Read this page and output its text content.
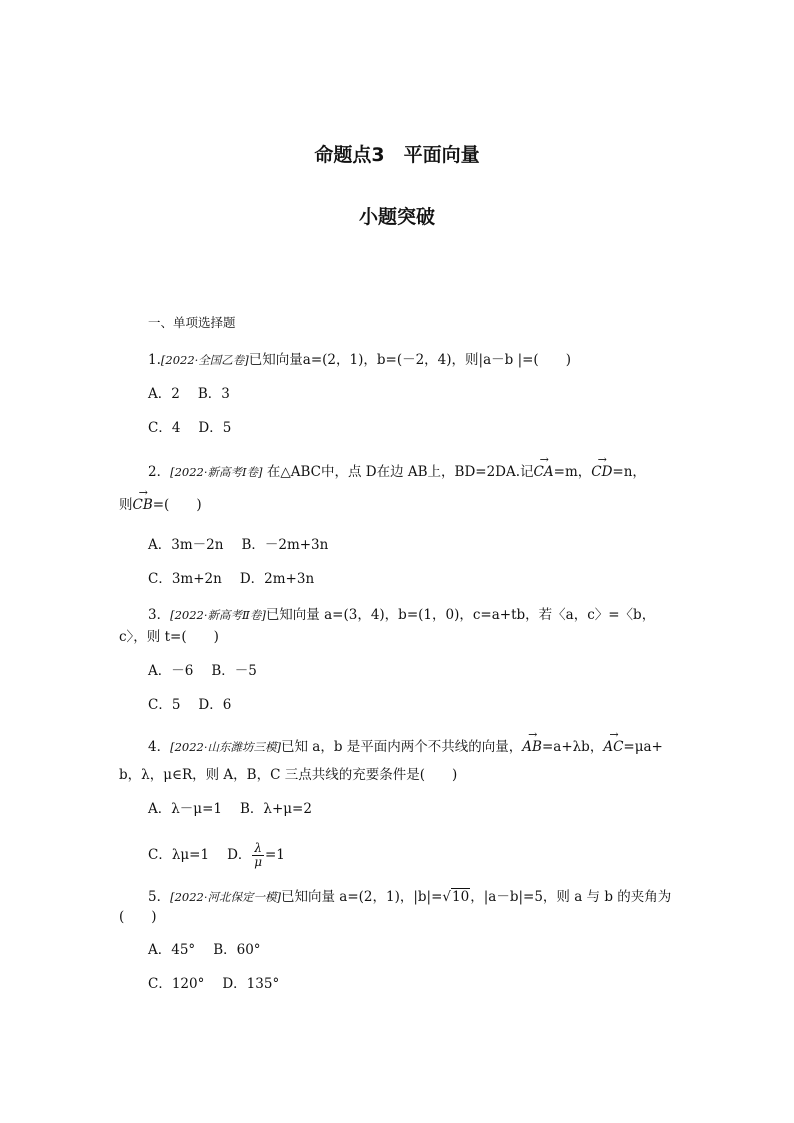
命题点3　平面向量
小题突破
一、单项选择题
1.[2022·全国乙卷]已知向量a=(2，1)，b=(－2，4)，则|a－b |=(　　)
A．2 B．3
C．4 D．5
2．[2022·新高考Ⅰ卷] 在△ABC中，点 D在边 AB上，BD=2DA.记→ CA=m，→ CD=n，
则→ CB=(　　)
A．3m－2n B．－2m+3n
C．3m+2n D．2m+3n
3．[2022·新高考Ⅱ卷]已知向量 a=(3，4)，b=(1，0)，c=a+tb，若〈a，c〉=〈b，
c〉，则 t=(　　)
A．－6 B．－5
C．5 D．6
4．[2022·山东潍坊三模]已知 a，b 是平面内两个不共线的向量，→ AB=a+λb，→ AC=μa+
b，λ，μ∈R，则 A，B，C 三点共线的充要条件是(　　)
A．λ－μ=1 B．λ+μ=2
C．λμ=1 D． $\frac{\lambda}{\mu} =1$
5．[2022·河北保定一模]已知向量 a=(2，1)，|b|=√10，|a－b|=5，则 a 与 b 的夹角为
(　　)
A．45° B．60°
C．120° D．135°
